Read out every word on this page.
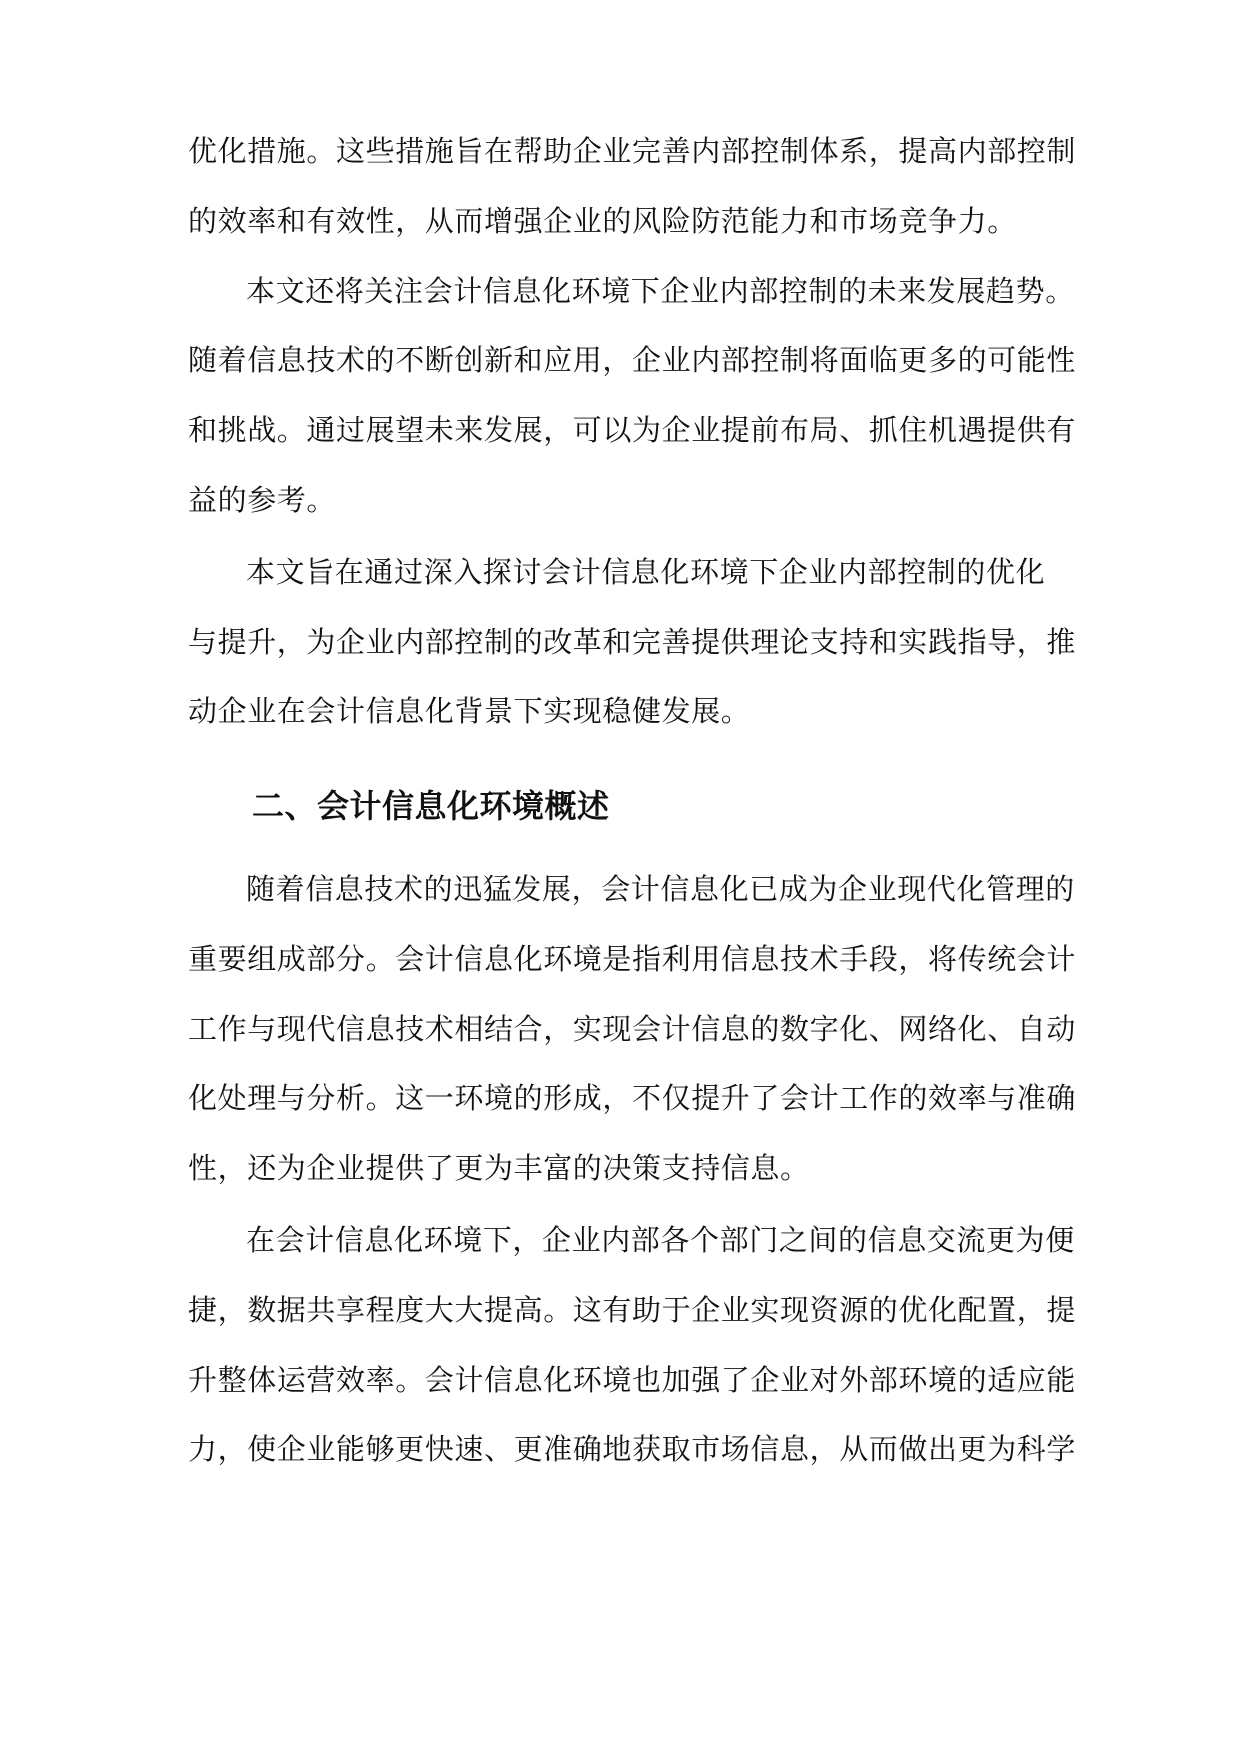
优化措施。这些措施旨在帮助企业完善内部控制体系，提高内部控制
的效率和有效性，从而增强企业的风险防范能力和市场竞争力。
本文还将关注会计信息化环境下企业内部控制的未来发展趋势。
随着信息技术的不断创新和应用，企业内部控制将面临更多的可能性
和挑战。通过展望未来发展，可以为企业提前布局、抓住机遇提供有
益的参考。
本文旨在通过深入探讨会计信息化环境下企业内部控制的优化
与提升，为企业内部控制的改革和完善提供理论支持和实践指导，推
动企业在会计信息化背景下实现稳健发展。
二、会计信息化环境概述
随着信息技术的迅猛发展，会计信息化已成为企业现代化管理的
重要组成部分。会计信息化环境是指利用信息技术手段，将传统会计
工作与现代信息技术相结合，实现会计信息的数字化、网络化、自动
化处理与分析。这一环境的形成，不仅提升了会计工作的效率与准确
性，还为企业提供了更为丰富的决策支持信息。
在会计信息化环境下，企业内部各个部门之间的信息交流更为便
捷，数据共享程度大大提高。这有助于企业实现资源的优化配置，提
升整体运营效率。会计信息化环境也加强了企业对外部环境的适应能
力，使企业能够更快速、更准确地获取市场信息，从而做出更为科学
